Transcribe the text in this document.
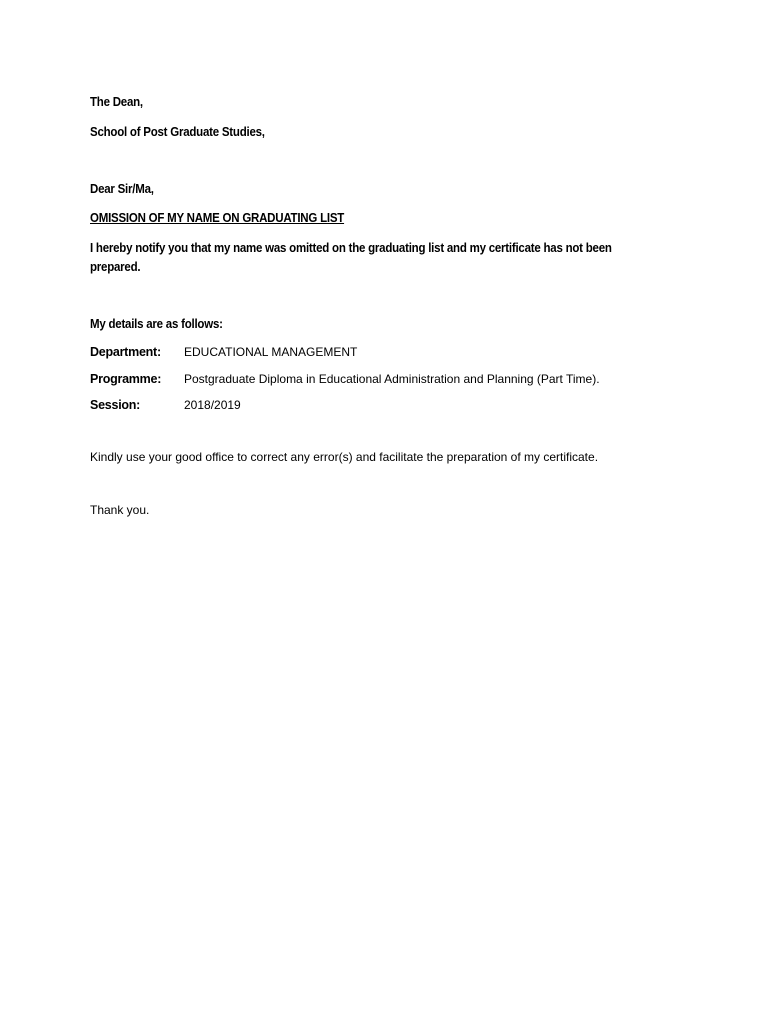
The Dean,
School of Post Graduate Studies,
Dear Sir/Ma,
OMISSION OF MY NAME ON GRADUATING LIST
I hereby notify you that my name was omitted on the graduating list and my certificate has not been prepared.
My details are as follows:
Department: EDUCATIONAL MANAGEMENT
Programme: Postgraduate Diploma in Educational Administration and Planning (Part Time).
Session:	2018/2019
Kindly use your good office to correct any error(s) and facilitate the preparation of my certificate.
Thank you.
